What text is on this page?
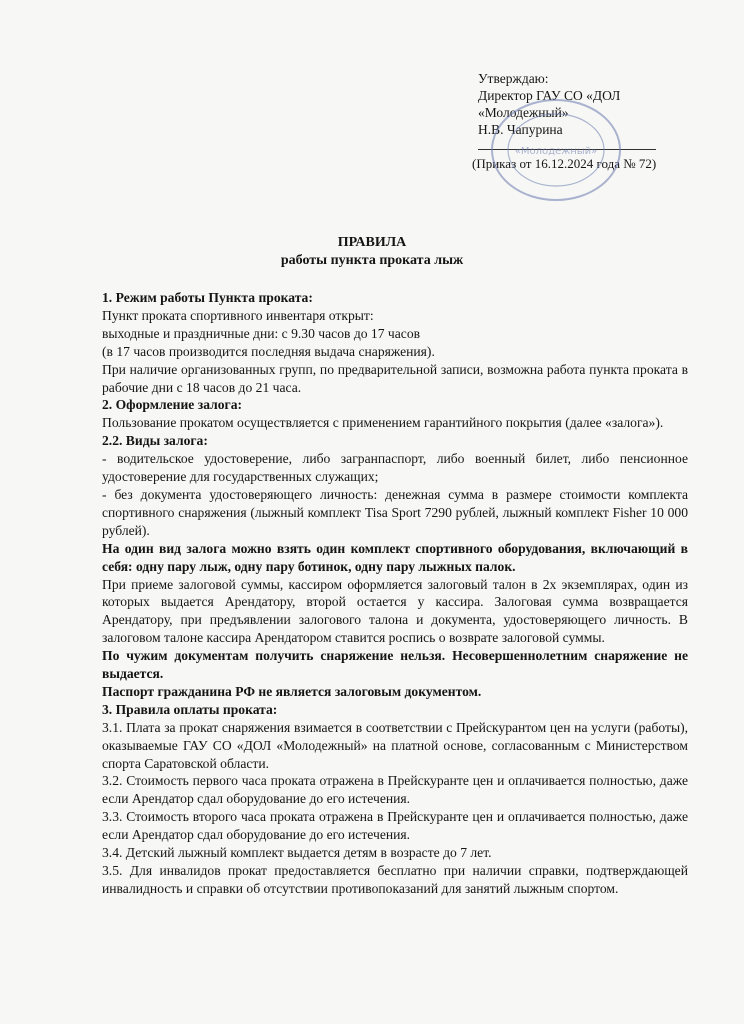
Утверждаю:
Директор ГАУ СО «ДОЛ
«Молодежный»
Н.В. Чапурина
(Приказ от 16.12.2024 года № 72)
«Молодежный»
ПРАВИЛА
работы пункта проката лыж

1. Режим работы Пункта проката:

Пункт проката спортивного инвентаря открыт:

выходные и праздничные дни: с 9.30 часов до 17 часов

(в 17 часов производится последняя выдача снаряжения).

При наличие организованных групп, по предварительной записи, возможна работа пункта проката в рабочие дни с 18 часов до 21 часа.

2. Оформление залога:

Пользование прокатом осуществляется с применением гарантийного покрытия (далее «залога»).

2.2. Виды залога:

- водительское удостоверение, либо загранпаспорт, либо военный билет, либо пенсионное удостоверение для государственных служащих;

- без документа удостоверяющего личность: денежная сумма в размере стоимости комплекта спортивного снаряжения (лыжный комплект Tisa Sport 7290 рублей, лыжный комплект Fisher 10 000 рублей).

На один вид залога можно взять один комплект спортивного оборудования, включающий в себя: одну пару лыж, одну пару ботинок, одну пару лыжных палок.

При приеме залоговой суммы, кассиром оформляется залоговый талон в 2х экземплярах, один из которых выдается Арендатору, второй остается у кассира. Залоговая сумма возвращается Арендатору, при предъявлении залогового талона и документа, удостоверяющего личность. В залоговом талоне кассира Арендатором ставится роспись о возврате залоговой суммы.

По чужим документам получить снаряжение нельзя. Несовершеннолетним снаряжение не выдается.

Паспорт гражданина РФ не является залоговым документом.

3. Правила оплаты проката:

3.1. Плата за прокат снаряжения взимается в соответствии с Прейскурантом цен на услуги (работы), оказываемые ГАУ СО «ДОЛ «Молодежный» на платной основе, согласованным с Министерством спорта Саратовской области.

3.2. Стоимость первого часа проката отражена в Прейскуранте цен и оплачивается полностью, даже если Арендатор сдал оборудование до его истечения.

3.3. Стоимость второго часа проката отражена в Прейскуранте цен и оплачивается полностью, даже если Арендатор сдал оборудование до его истечения.

3.4. Детский лыжный комплект выдается детям в возрасте до 7 лет.

3.5. Для инвалидов прокат предоставляется бесплатно при наличии справки, подтверждающей инвалидность и справки об отсутствии противопоказаний для занятий лыжным спортом.
